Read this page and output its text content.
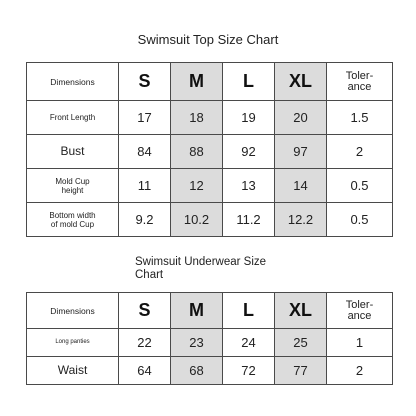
Swimsuit Top Size Chart
Dimensions	S	M	L	XL	Toler-
ance

Front Length	17	18	19	20	1.5
Bust	84	88	92	97	2

Mold Cup
height	11	12	13	14	0.5

Bottom width
of mold Cup	9.2	10.2	11.2	12.2	0.5
Swimsuit Underwear Size
Chart
Dimensions	S	M	L	XL	Toler-
ance

Long panties	22	23	24	25	1
Waist	64	68	72	77	2
